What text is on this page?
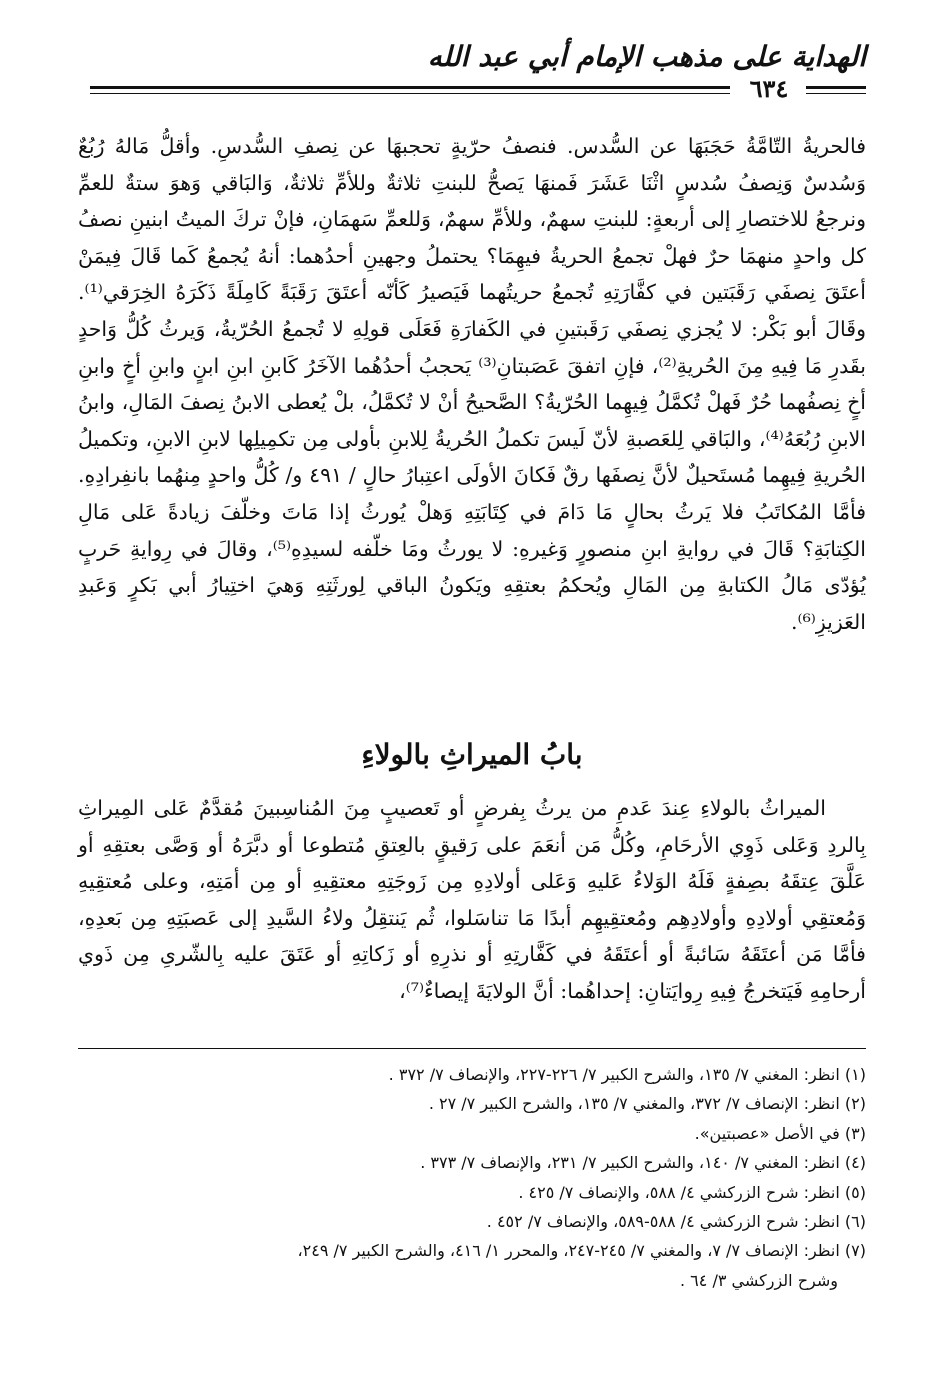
الهداية على مذهب الإمام أبي عبد الله
٦٣٤

فالحريةُ التّامَّةُ حَجَبَهَا عن السُّدس. فنصفُ حرّيةٍ تحجبهَا عن نِصفِ السُّدسِ. وأقلُّ مَالهُ رُبُعٌ وَسُدسٌ وَنِصفُ سُدسٍ اثْنَا عَشَرَ فَمنهَا يَصحُّ للبنتِ ثلاثةٌ وللأمِّ ثلاثةٌ، وَالبَاقي وَهوَ ستةٌ للعمِّ ونرجعُ للاختصارِ إلى أربعةٍ: للبنتِ سهمٌ، وللأمِّ سهمٌ، وَللعمِّ سَهمَانِ، فإنْ تركَ الميتُ ابنينِ نصفُ كل واحدٍ منهمَا حرٌ فهلْ تجمعُ الحريةُ فيهِمَا؟ يحتملُ وجهينِ أحدُهما: أنهُ يُجمعُ كَما قَالَ فِيمَنْ أعتَقَ نِصفَي رَقَبَتين في كفَّارَتِهِ تُجمعُ حريتُهما فَيَصيرُ كَأنّه أعتَقَ رَقَبَةً كَامِلَةً ذَكَرَهُ الخِرَقي⁽¹⁾. وقَالَ أبو بَكْر: لا يُجزي نِصفَي رَقَبتينِ في الكَفارَةِ فَعَلَى قولِهِ لا تُجمعُ الحُرّيةُ، وَيرثُ كُلُّ وَاحدٍ بقَدرِ مَا فِيهِ مِنَ الحُريةِ⁽²⁾، فإنِ اتفقَ عَصَبتانِ⁽³⁾ يَحجبُ أحدُهُما الآخَرُ كَابنِ ابنِ ابنٍ وابنِ أخٍ وابنِ أخٍ نِصفُهما حُرٌ فَهلْ تُكمَّلُ فِيهِما الحُرّيةُ؟ الصَّحيحُ أنْ لا تُكمَّلُ، بلْ يُعطى الابنُ نِصفَ المَالِ، وابنُ الابنِ رُبُعَهُ⁽⁴⁾، والبَاقي لِلعَصبةِ لأنّ لَيسَ تكملُ الحُريةُ لِلابنِ بأولى مِن تكمِيلِها لابنِ الابنِ، وتكميلُ الحُريةِ فِيهِما مُستَحيلٌ لأنَّ نِصفَها رقٌ فَكانَ الأولَى اعتِبارُ حالٍ / ٤٩١ و/ كُلُّ واحدٍ مِنهُما بانفِرادِهِ. فأمَّا المُكاتَبُ فلا يَرثُ بحالٍ مَا دَامَ في كِتَابَتِهِ وَهلْ يُورثُ إذا مَاتَ وخلّفَ زيادةً عَلى مَالِ الكِتابَةِ؟ قَالَ في روايةِ ابنِ منصورٍ وَغيرهِ: لا يورثُ ومَا خلّفه لسيدِهِ⁽⁵⁾، وقالَ في رِوايةِ حَربٍ يُؤدّى مَالُ الكتابةِ مِن المَالِ ويُحكمُ بعتقِهِ ويَكونُ الباقي لِورثَتِهِ وَهيَ اختِيارُ أبي بَكرٍ وَعَبدِ العَزيزِ⁽⁶⁾.

بابُ الميراثِ بالولاءِ

الميراثُ بالولاءِ عِندَ عَدمِ من يرثُ بِفرضٍ أو تَعصيبٍ مِنَ المُناسِبينَ مُقدَّمٌ عَلى المِيراثِ بِالردِ وَعَلى ذَوِي الأرحَامِ، وكُلُّ مَن أنعَمَ على رَقيقٍ بالعِتقِ مُتطوعا أو دبَّرَهُ أو وَصَّى بعتقِهِ أو عَلَّقَ عِتقَهُ بصِفةٍ فَلَهُ الوَلاءُ عَليهِ وَعَلى أولادِهِ مِن زَوجَتِهِ معتقِيهِ أو مِن أمَتِهِ، وعلى مُعتقِيهِ وَمُعتقِي أولادِهِ وأولادِهِم ومُعتقِيهِم أبدًا مَا تناسَلوا، ثُم يَنتقِلُ ولاءُ السَّيدِ إلى عَصبَتِهِ مِن بَعدِهِ، فأمَّا مَن أعتَقَهُ سَائبةً أو أعتَقَهُ في كَفَّارتِهِ أو نذرِهِ أو زَكاتِهِ أو عَتَقَ عليه بِالشّرىِ مِن ذَوي أرحامِهِ فَيَتخرجُ فِيهِ رِوايَتانِ: إحداهُما: أنَّ الولايَةَ إيصاءٌ⁽⁷⁾،

(١) انظر: المغني ٧/ ١٣٥، والشرح الكبير ٧/ ٢٢٦-٢٢٧، والإنصاف ٧/ ٣٧٢ .

(٢) انظر: الإنصاف ٧/ ٣٧٢، والمغني ٧/ ١٣٥، والشرح الكبير ٧/ ٢٧ .

(٣) في الأصل «عصبتين».

(٤) انظر: المغني ٧/ ١٤٠، والشرح الكبير ٧/ ٢٣١، والإنصاف ٧/ ٣٧٣ .

(٥) انظر: شرح الزركشي ٤/ ٥٨٨، والإنصاف ٧/ ٤٢٥ .

(٦) انظر: شرح الزركشي ٤/ ٥٨٨-٥٨٩، والإنصاف ٧/ ٤٥٢ .

(٧) انظر: الإنصاف ٧/ ٧، والمغني ٧/ ٢٤٥-٢٤٧، والمحرر ١/ ٤١٦، والشرح الكبير ٧/ ٢٤٩،

وشرح الزركشي ٣/ ٦٤ .
